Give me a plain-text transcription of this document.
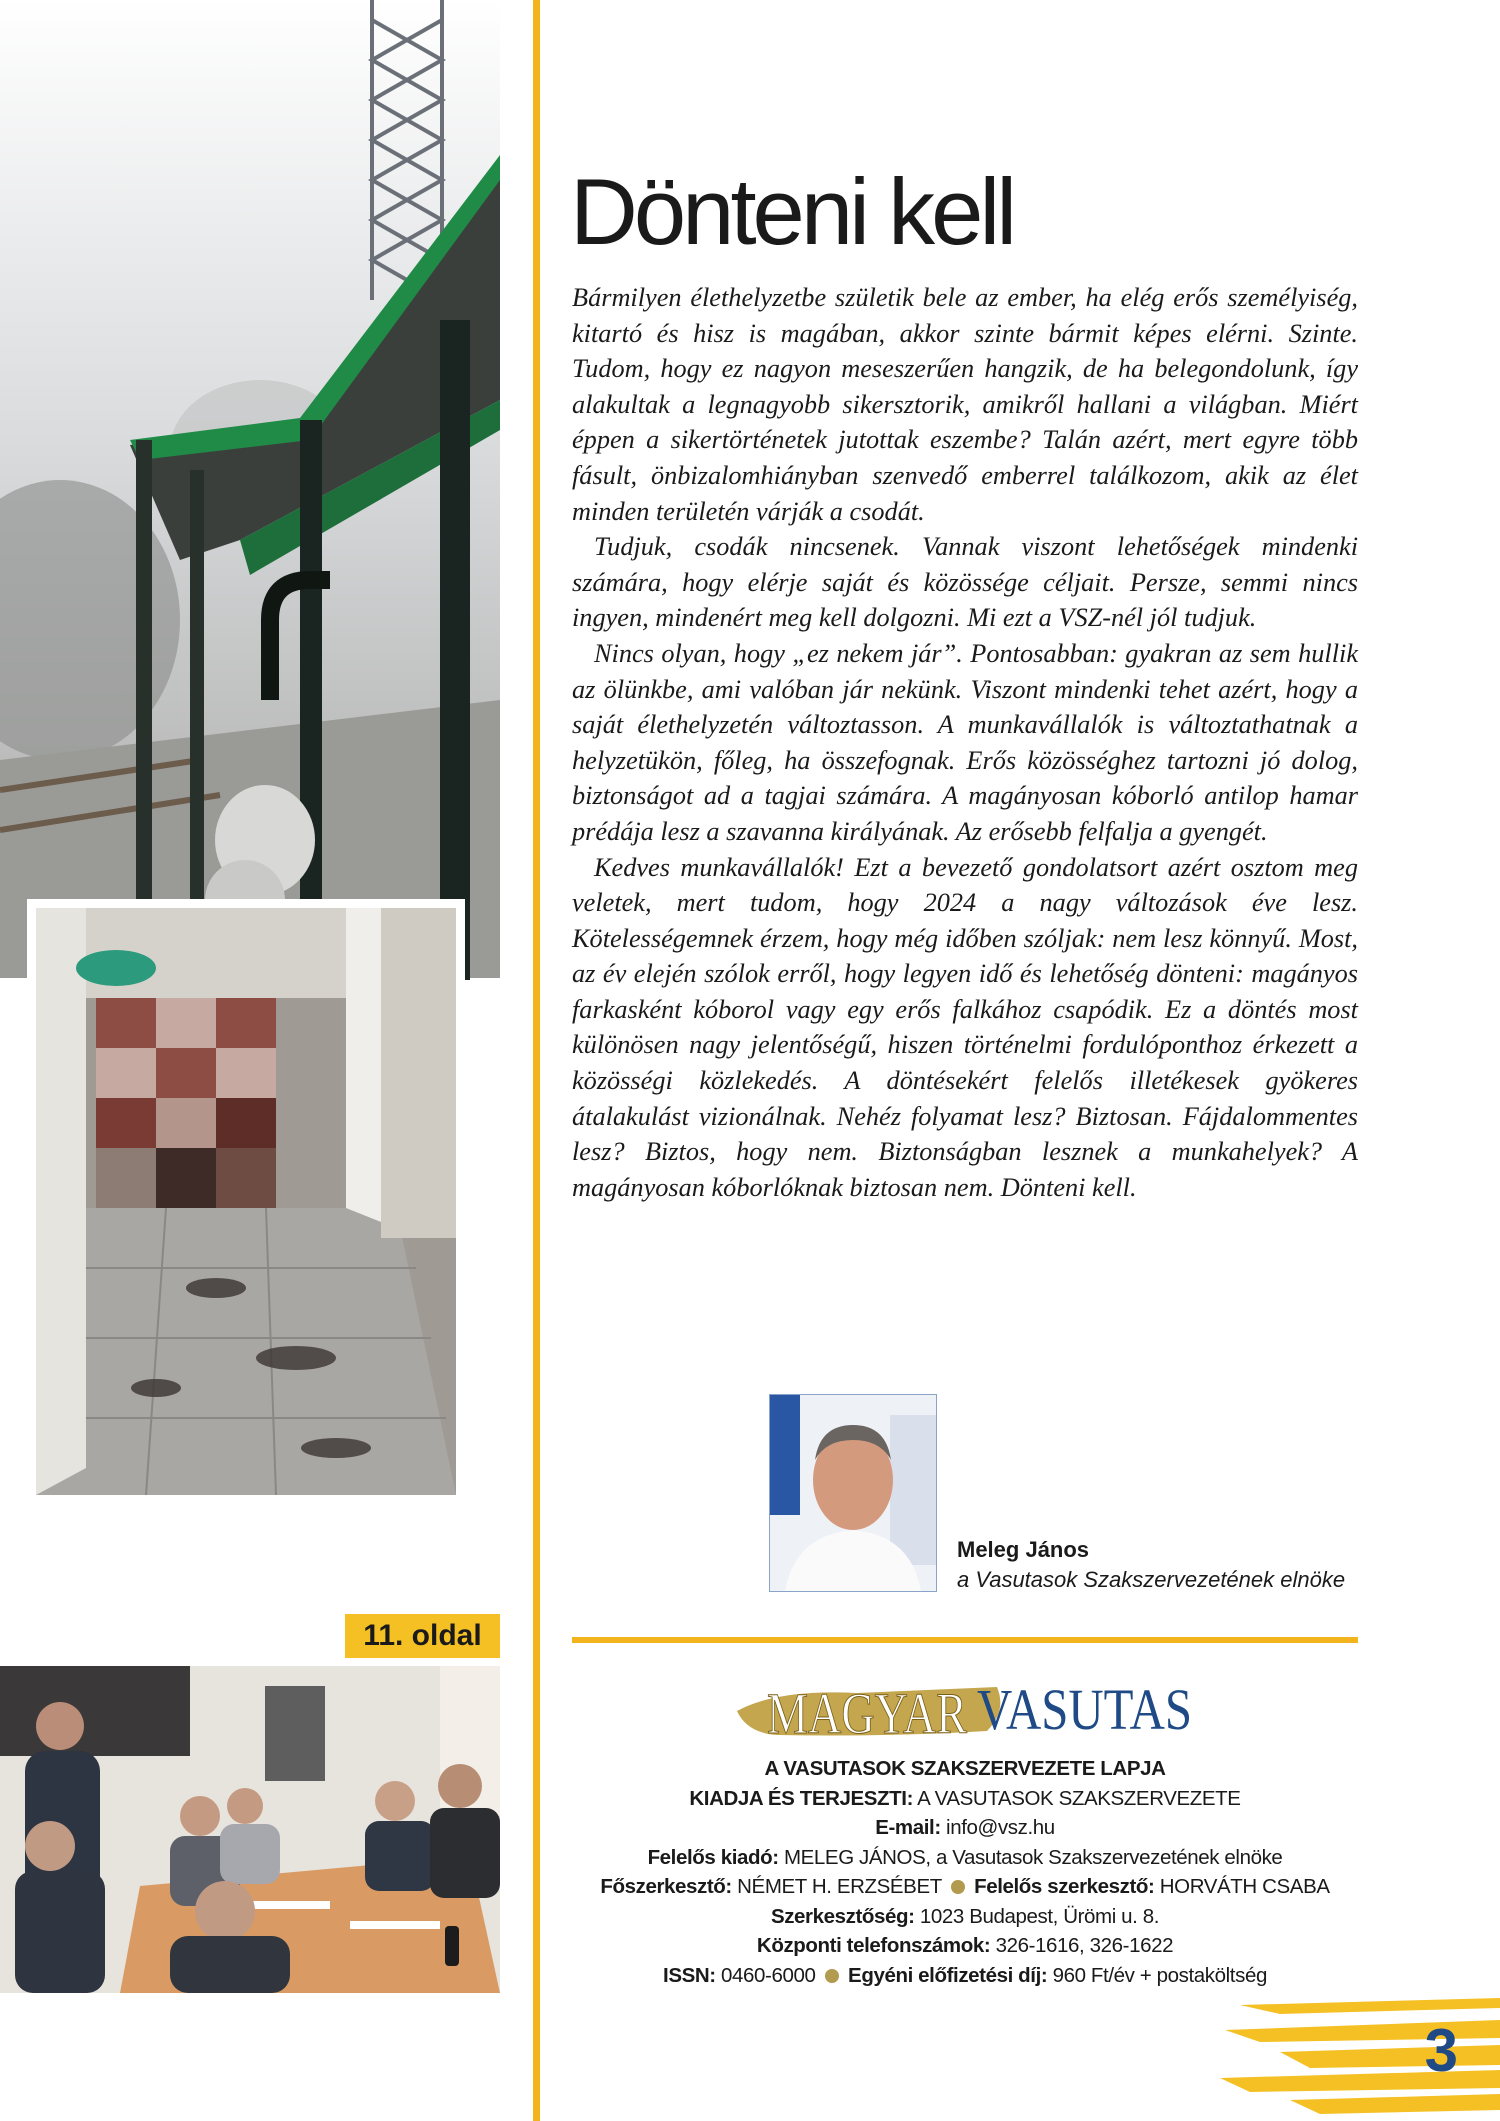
11. oldal
Dönteni kell

Bármilyen élethelyzetbe születik bele az ember, ha elég erős személyiség, kitartó és hisz is magában, akkor szinte bármit képes elérni. Szinte. Tudom, hogy ez nagyon meseszerűen hangzik, de ha belegondolunk, így alakultak a legnagyobb sikersztorik, amikről hallani a világban. Miért éppen a sikertörténetek jutottak eszembe? Talán azért, mert egyre több fásult, önbizalomhiányban szenvedő emberrel találkozom, akik az élet minden területén várják a csodát.

Tudjuk, csodák nincsenek. Vannak viszont lehetőségek mindenki számára, hogy elérje saját és közössége céljait. Persze, semmi nincs ingyen, mindenért meg kell dolgozni. Mi ezt a VSZ-nél jól tudjuk.

Nincs olyan, hogy „ez nekem jár”. Pontosabban: gyakran az sem hullik az ölünkbe, ami valóban jár nekünk. Viszont mindenki tehet azért, hogy a saját élethelyzetén változtasson. A munkavállalók is változtathatnak a helyzetükön, főleg, ha összefognak. Erős közösséghez tartozni jó dolog, biztonságot ad a tagjai számára. A magányosan kóborló antilop hamar prédája lesz a szavanna királyának. Az erősebb felfalja a gyengét.

Kedves munkavállalók! Ezt a bevezető gondolatsort azért osztom meg veletek, mert tudom, hogy 2024 a nagy változások éve lesz. Kötelességemnek érzem, hogy még időben szóljak: nem lesz könnyű. Most, az év elején szólok erről, hogy legyen idő és lehetőség dönteni: magányos farkasként kóborol vagy egy erős falkához csapódik. Ez a döntés most különösen nagy jelentőségű, hiszen történelmi fordulóponthoz érkezett a közösségi közlekedés. A döntésekért felelős illetékesek gyökeres átalakulást vizionálnak. Nehéz folyamat lesz? Biztosan. Fájdalommentes lesz? Biztos, hogy nem. Biztonságban lesznek a munkahelyek? A magányosan kóborlóknak biztosan nem. Dönteni kell.

Meleg János
a Vasutasok Szakszervezetének elnöke
MAGYAR VASUTAS
A VASUTASOK SZAKSZERVEZETE LAPJA
KIADJA ÉS TERJESZTI: A VASUTASOK SZAKSZERVEZETE
E-mail: info@vsz.hu
Felelős kiadó: MELEG JÁNOS, a Vasutasok Szakszervezetének elnöke
Főszerkesztő: NÉMET H. ERZSÉBET  Felelős szerkesztő: HORVÁTH CSABA
Szerkesztőség: 1023 Budapest, Ürömi u. 8.
Központi telefonszámok: 326-1616, 326-1622
ISSN: 0460-6000  Egyéni előfizetési díj: 960 Ft/év + postaköltség
3
